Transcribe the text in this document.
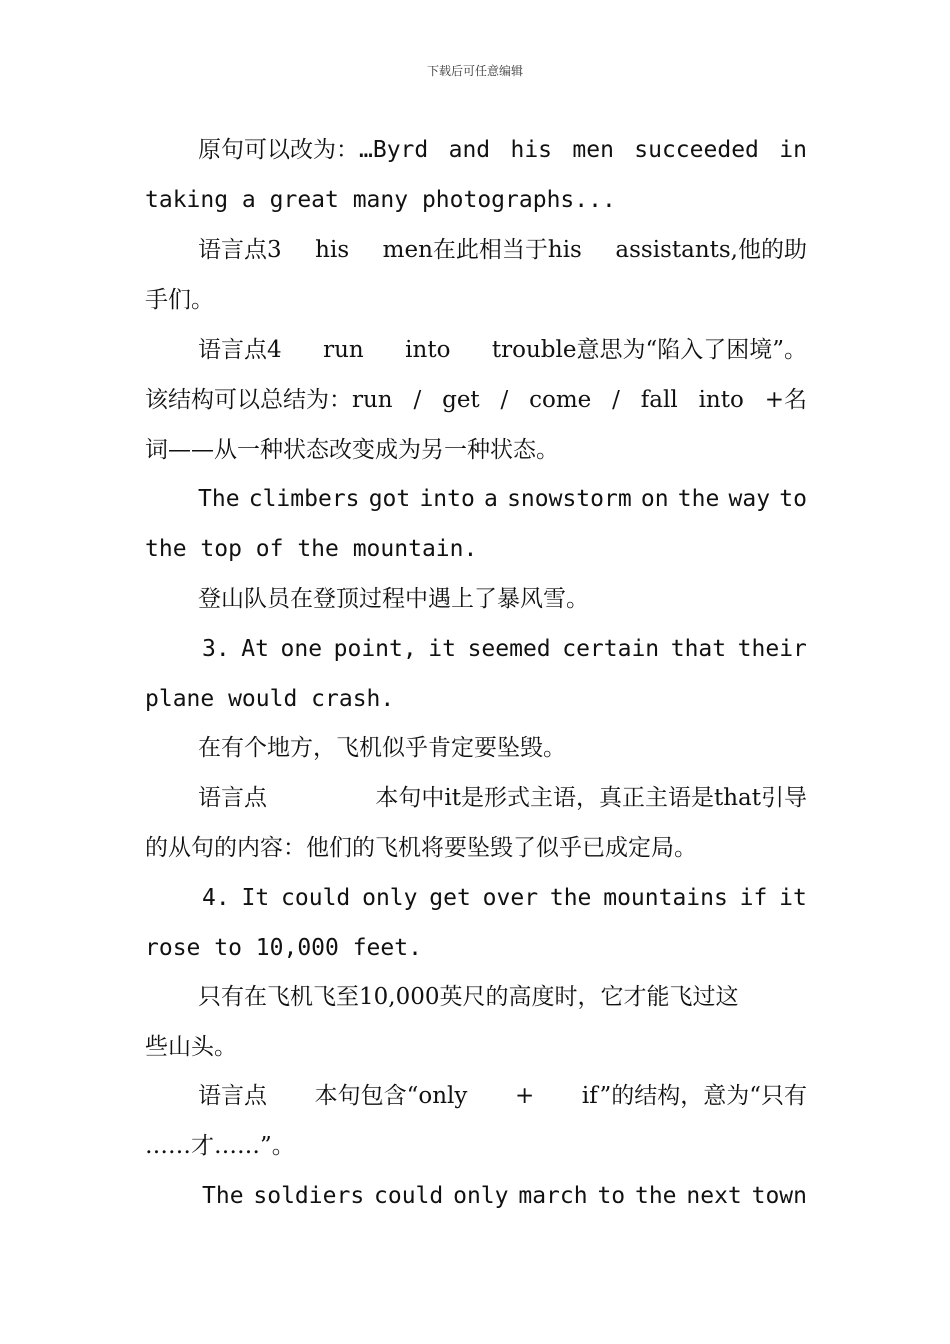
下载后可任意编辑
原句可以改为：…Byrd and his men succeeded in
taking a great many photographs...
语言点3 his men在此相当于his assistants,他的助
手们。
语言点4 run into trouble意思为“陷入了困境”。
该结构可以总结为：run / get / come / fall into +名
词——从一种状态改变成为另一种状态。
The climbers got into a snowstorm on the way to
the top of the mountain.
登山队员在登顶过程中遇上了暴风雪。
3. At one point, it seemed certain that their
plane would crash.
在有个地方，飞机似乎肯定要坠毁。
语言点	本句中it是形式主语，真正主语是that引导
的从句的内容：他们的飞机将要坠毁了似乎已成定局。
4. It could only get over the mountains if it
rose to 10,000 feet.
只有在飞机飞至10,000英尺的高度时，它才能飞过这
些山头。
语言点 本句包含“only + if”的结构，意为“只有
……才……”。
The soldiers could only march to the next town
